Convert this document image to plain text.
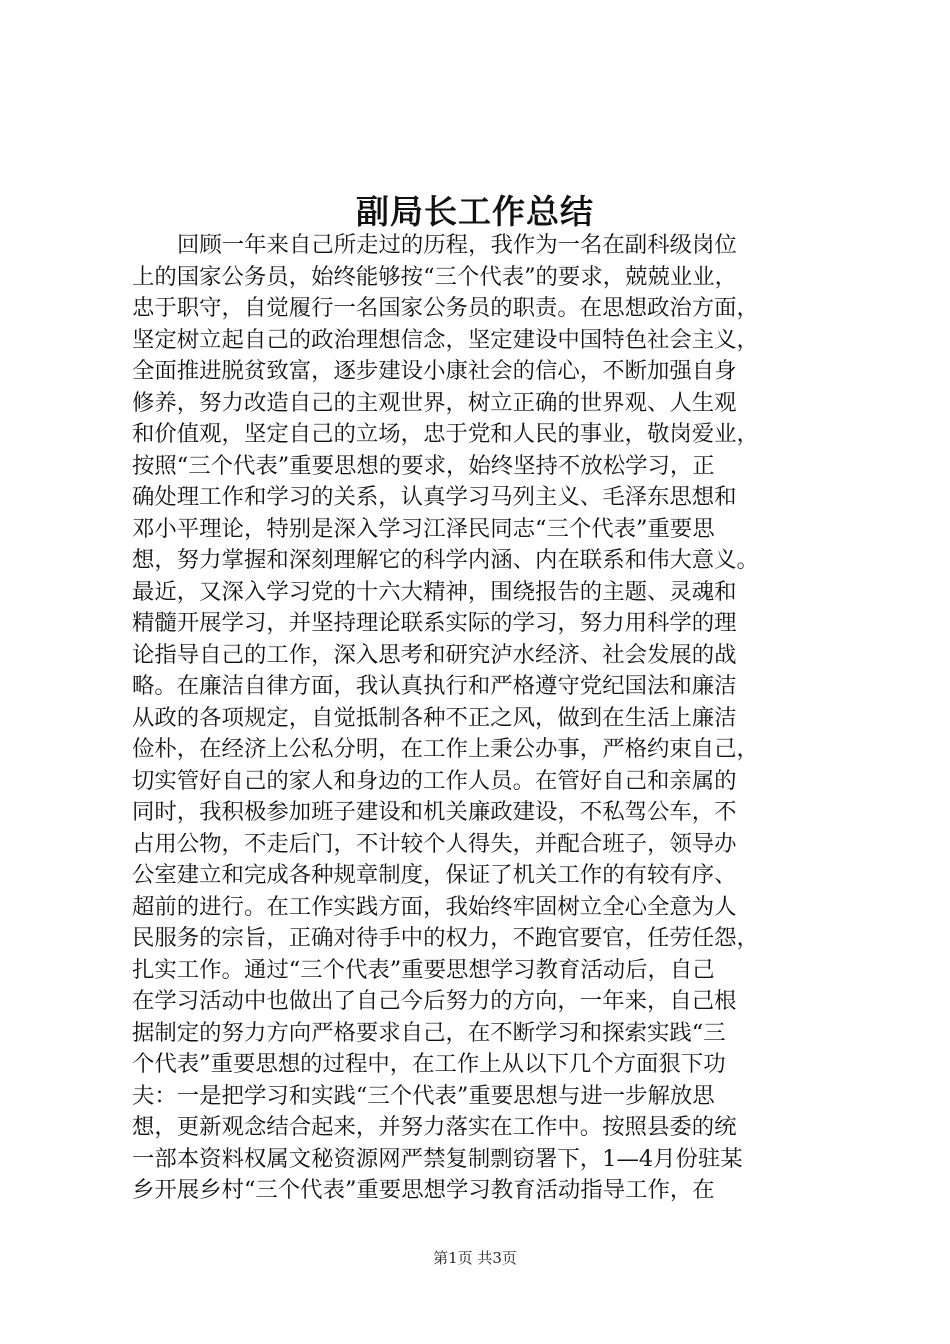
副局长工作总结
回顾一年来自己所走过的历程，我作为一名在副科级岗位
上的国家公务员，始终能够按“三个代表”的要求，兢兢业业，
忠于职守，自觉履行一名国家公务员的职责。在思想政治方面，
坚定树立起自己的政治理想信念，坚定建设中国特色社会主义，
全面推进脱贫致富，逐步建设小康社会的信心，不断加强自身
修养，努力改造自己的主观世界，树立正确的世界观、人生观
和价值观，坚定自己的立场，忠于党和人民的事业，敬岗爱业，
按照“三个代表”重要思想的要求，始终坚持不放松学习，正
确处理工作和学习的关系，认真学习马列主义、毛泽东思想和
邓小平理论，特别是深入学习江泽民同志“三个代表”重要思
想，努力掌握和深刻理解它的科学内涵、内在联系和伟大意义。
最近，又深入学习党的十六大精神，围绕报告的主题、灵魂和
精髓开展学习，并坚持理论联系实际的学习，努力用科学的理
论指导自己的工作，深入思考和研究泸水经济、社会发展的战
略。在廉洁自律方面，我认真执行和严格遵守党纪国法和廉洁
从政的各项规定，自觉抵制各种不正之风，做到在生活上廉洁
俭朴，在经济上公私分明，在工作上秉公办事，严格约束自己，
切实管好自己的家人和身边的工作人员。在管好自己和亲属的
同时，我积极参加班子建设和机关廉政建设，不私驾公车，不
占用公物，不走后门，不计较个人得失，并配合班子，领导办
公室建立和完成各种规章制度，保证了机关工作的有较有序、
超前的进行。在工作实践方面，我始终牢固树立全心全意为人
民服务的宗旨，正确对待手中的权力，不跑官要官，任劳任怨，
扎实工作。通过“三个代表”重要思想学习教育活动后，自己
在学习活动中也做出了自己今后努力的方向，一年来，自己根
据制定的努力方向严格要求自己，在不断学习和探索实践“三
个代表”重要思想的过程中，在工作上从以下几个方面狠下功
夫：一是把学习和实践“三个代表”重要思想与进一步解放思
想，更新观念结合起来，并努力落实在工作中。按照县委的统
一部本资料权属文秘资源网严禁复制剽窃署下，1—4月份驻某
乡开展乡村“三个代表”重要思想学习教育活动指导工作，在
第1页 共3页
